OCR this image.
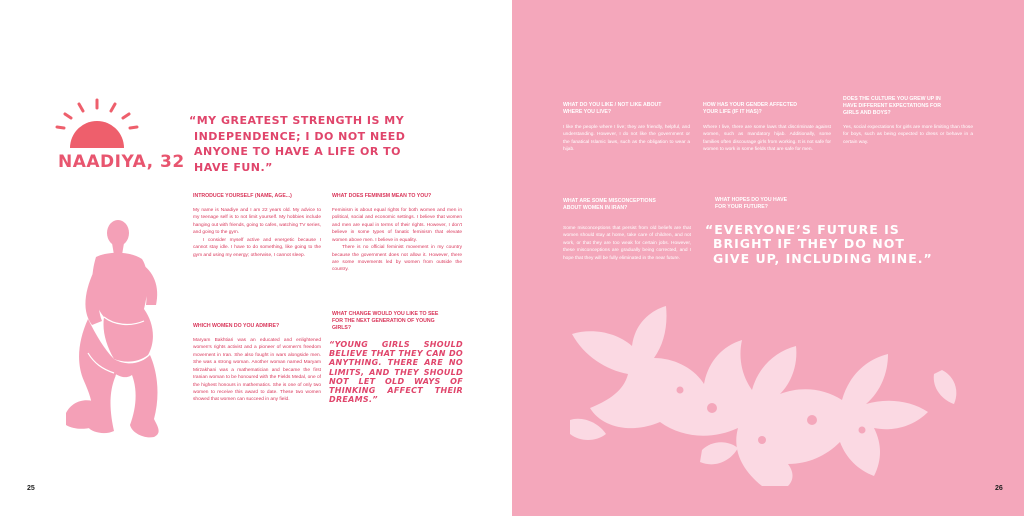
NAADIYA, 32
“MY GREATEST STRENGTH IS MY
INDEPENDENCE; I DO NOT NEED
ANYONE TO HAVE A LIFE OR TO
HAVE FUN.”
INTRODUCE YOURSELF (NAME, AGE...)

My name is Naadiye and I am 22 years old. My advice to my teenage self is to not limit yourself. My hobbies include hanging out with friends, going to cafes, watching TV series, and going to the gym.

I consider myself active and energetic because I cannot stay idle. I have to do something, like going to the gym and using my energy; otherwise, I cannot sleep.

WHAT DOES FEMINISM MEAN TO YOU?

Feminism is about equal rights for both women and men in political, social and economic settings. I believe that women and men are equal in terms of their rights. However, I don't believe in some types of fanatic feminism that elevate women above men. I believe in equality.

There is no official feminist movement in my country because the government does not allow it. However, there are some movements led by women from outside the country.

WHICH WOMEN DO YOU ADMIRE?

Maryam Bakhtiari was an educated and enlightened women's rights activist and a pioneer of women's freedom movement in Iran. She also fought in wars alongside men. She was a strong woman. Another woman named Maryam Mirzakhani was a mathematician and became the first Iranian woman to be honoured with the Fields Medal, one of the highest honours in mathematics. She is one of only two women to receive this award to date. These two women showed that women can succeed in any field.

WHAT CHANGE WOULD YOU LIKE TO SEE
FOR THE NEXT GENERATION OF YOUNG
GIRLS?
“YOUNG GIRLS SHOULD BELIEVE THAT THEY CAN DO ANYTHING. THERE ARE NO LIMITS, AND THEY SHOULD NOT LET OLD WAYS OF THINKING AFFECT THEIR DREAMS.”
25
WHAT DO YOU LIKE / NOT LIKE ABOUT
WHERE YOU LIVE?
I like the people where I live; they are friendly, helpful, and understanding. However, I do not like the government or the fanatical Islamic laws, such as the obligation to wear a hijab.
HOW HAS YOUR GENDER AFFECTED
YOUR LIFE (IF IT HAS)?
Where I live, there are some laws that discriminate against women, such as mandatory hijab. Additionally, some families often discourage girls from working. It is not safe for women to work in some fields that are safe for men.
DOES THE CULTURE YOU GREW UP IN
HAVE DIFFERENT EXPECTATIONS FOR
GIRLS AND BOYS?
Yes, social expectations for girls are more limiting than those for boys, such as being expected to dress or behave in a certain way.
WHAT ARE SOME MISCONCEPTIONS
ABOUT WOMEN IN IRAN?
Some misconceptions that persist from old beliefs are that women should stay at home, take care of children, and not work, or that they are too weak for certain jobs. However, these misconceptions are gradually being corrected, and I hope that they will be fully eliminated in the near future.
WHAT HOPES DO YOU HAVE
FOR YOUR FUTURE?
“EVERYONE’S FUTURE IS
BRIGHT IF THEY DO NOT
GIVE UP, INCLUDING MINE.”
26
